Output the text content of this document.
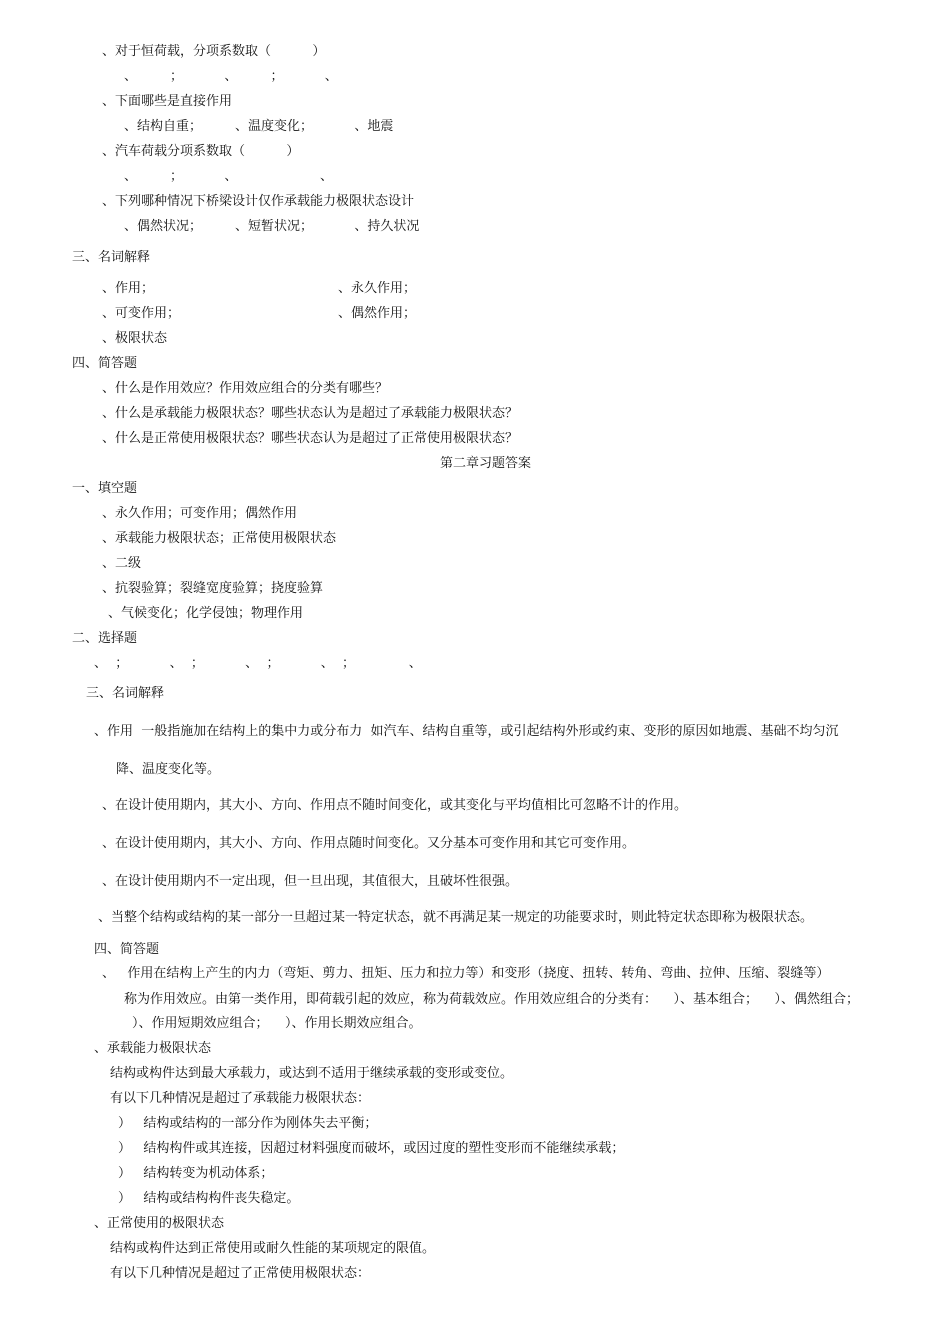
、对于恒荷载，分项系数取（          ）
、        ；          、        ；          、
、下面哪些是直接作用
、结构自重；        、温度变化；          、地震
、汽车荷载分项系数取（          ）
、        ；          、                    、
、下列哪种情况下桥梁设计仅作承载能力极限状态设计
、偶然状况；        、短暂状况；          、持久状况
三、名词解释
、作用；	、永久作用；
、可变作用；	、偶然作用；
、极限状态
四、简答题
、什么是作用效应？作用效应组合的分类有哪些？
、什么是承载能力极限状态？哪些状态认为是超过了承载能力极限状态？
、什么是正常使用极限状态？哪些状态认为是超过了正常使用极限状态？
第二章习题答案
一、填空题
、永久作用；可变作用；偶然作用
、承载能力极限状态；正常使用极限状态
、二级
、抗裂验算；裂缝宽度验算；挠度验算
、气候变化；化学侵蚀；物理作用
二、选择题
、  ；          、  ；          、  ；          、  ；             、
三、名词解释
、作用  一般指施加在结构上的集中力或分布力  如汽车、结构自重等，或引起结构外形或约束、变形的原因如地震、基础不均匀沉
降、温度变化等。
、在设计使用期内，其大小、方向、作用点不随时间变化，或其变化与平均值相比可忽略不计的作用。
、在设计使用期内，其大小、方向、作用点随时间变化。又分基本可变作用和其它可变作用。
、在设计使用期内不一定出现，但一旦出现，其值很大，且破坏性很强。
、当整个结构或结构的某一部分一旦超过某一特定状态，就不再满足某一规定的功能要求时，则此特定状态即称为极限状态。
四、简答题
、   作用在结构上产生的内力（弯矩、剪力、扭矩、压力和拉力等）和变形（挠度、扭转、转角、弯曲、拉伸、压缩、裂缝等）
称为作用效应。由第一类作用，即荷载引起的效应，称为荷载效应。作用效应组合的分类有：    ）、基本组合；    ）、偶然组合；
）、作用短期效应组合；    ）、作用长期效应组合。
、承载能力极限状态
结构或构件达到最大承载力，或达到不适用于继续承载的变形或变位。
有以下几种情况是超过了承载能力极限状态：
）   结构或结构的一部分作为刚体失去平衡；
）   结构构件或其连接，因超过材料强度而破坏，或因过度的塑性变形而不能继续承载；
）   结构转变为机动体系；
）   结构或结构构件丧失稳定。
、正常使用的极限状态
结构或构件达到正常使用或耐久性能的某项规定的限值。
有以下几种情况是超过了正常使用极限状态：
